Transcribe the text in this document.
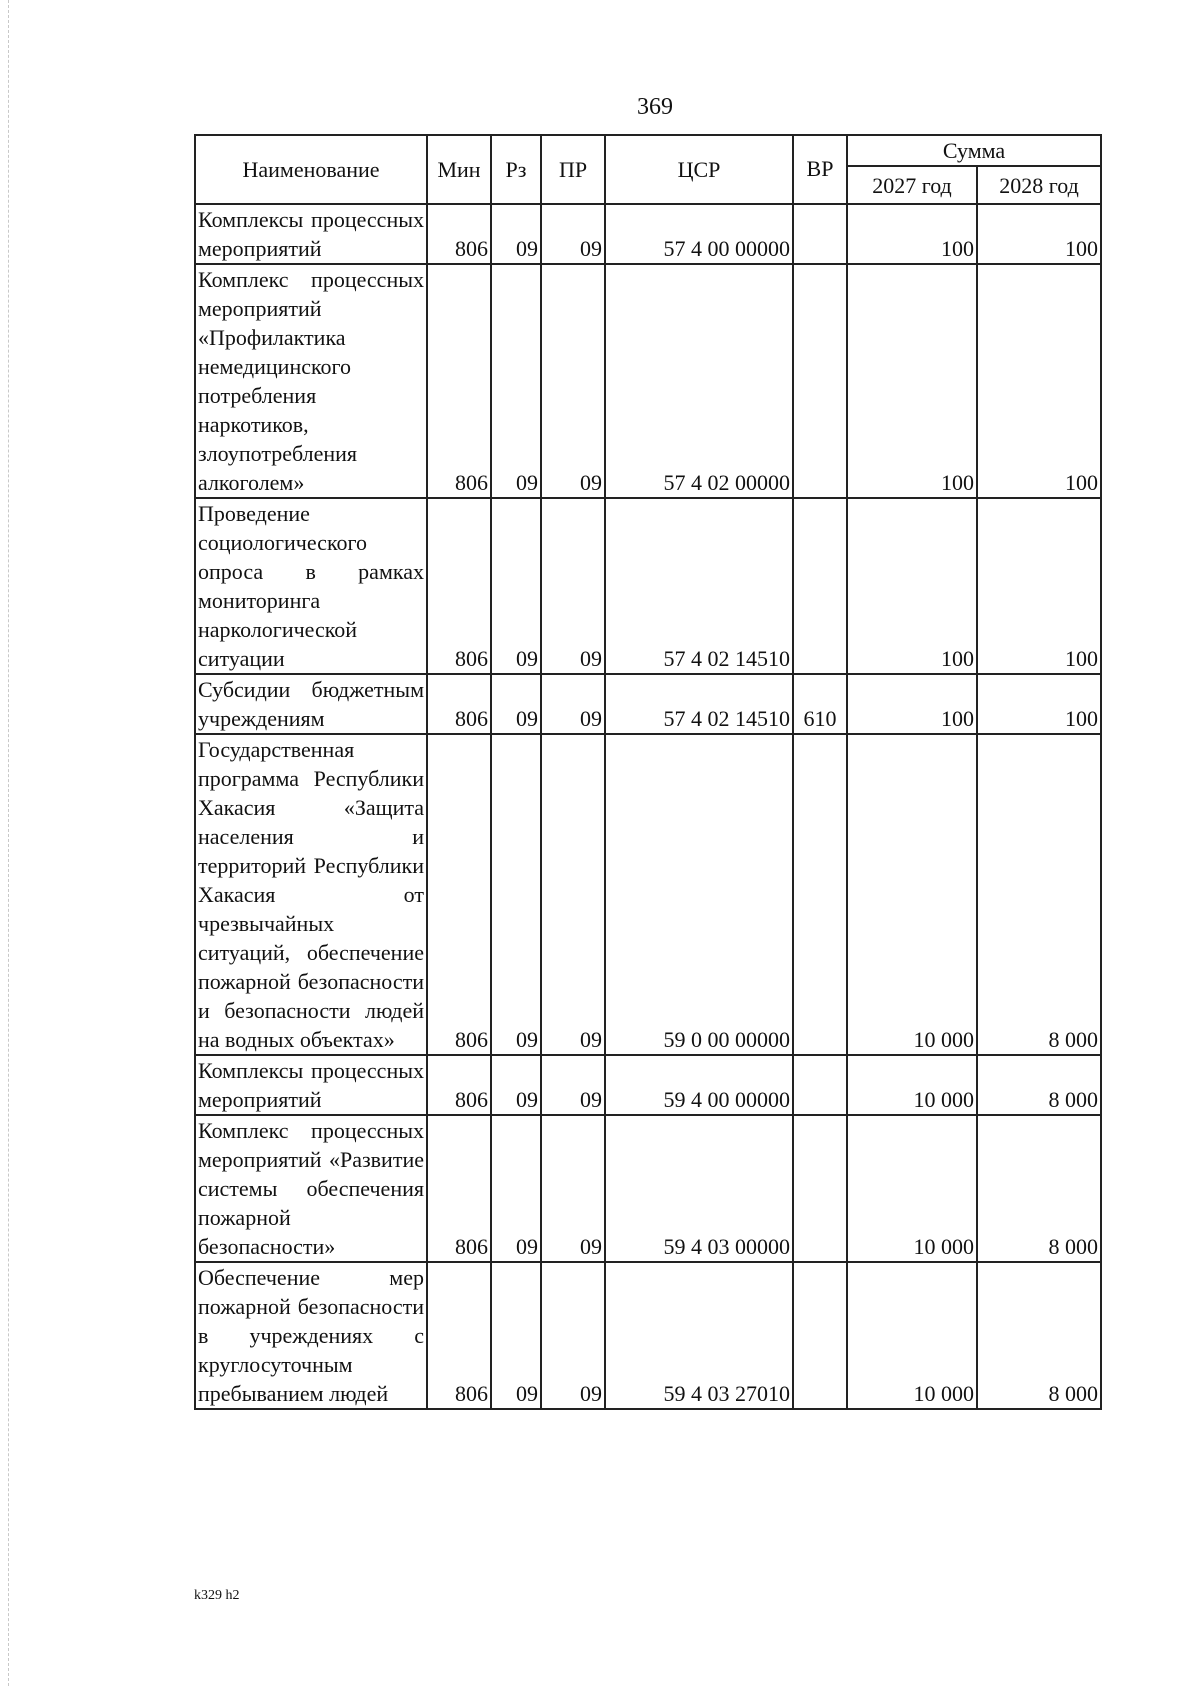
369
Наименование	Мин	Рз	ПР	ЦСР	ВР	Сумма	
						2027 год	2028 год
Комплексы процессных мероприятий	806	09	09	57 4 00 00000		100	100
Комплекс процессных мероприятий «Профилактика немедицинского потребления наркотиков, злоупотребления алкоголем»	806	09	09	57 4 02 00000		100	100
Проведение социологического опроса в рамках мониторинга наркологической ситуации	806	09	09	57 4 02 14510		100	100
Субсидии бюджетным учреждениям	806	09	09	57 4 02 14510	610	100	100
Государственная программа Республики Хакасия «Защита населения и территорий Республики Хакасия от чрезвычайных ситуаций, обеспечение пожарной безопасности и безопасности людей на водных объектах»	806	09	09	59 0 00 00000		10 000	8 000
Комплексы процессных мероприятий	806	09	09	59 4 00 00000		10 000	8 000
Комплекс процессных мероприятий «Развитие системы обеспечения пожарной безопасности»	806	09	09	59 4 03 00000		10 000	8 000
Обеспечение мер пожарной безопасности в учреждениях с круглосуточным пребыванием людей	806	09	09	59 4 03 27010		10 000	8 000
k329 h2
